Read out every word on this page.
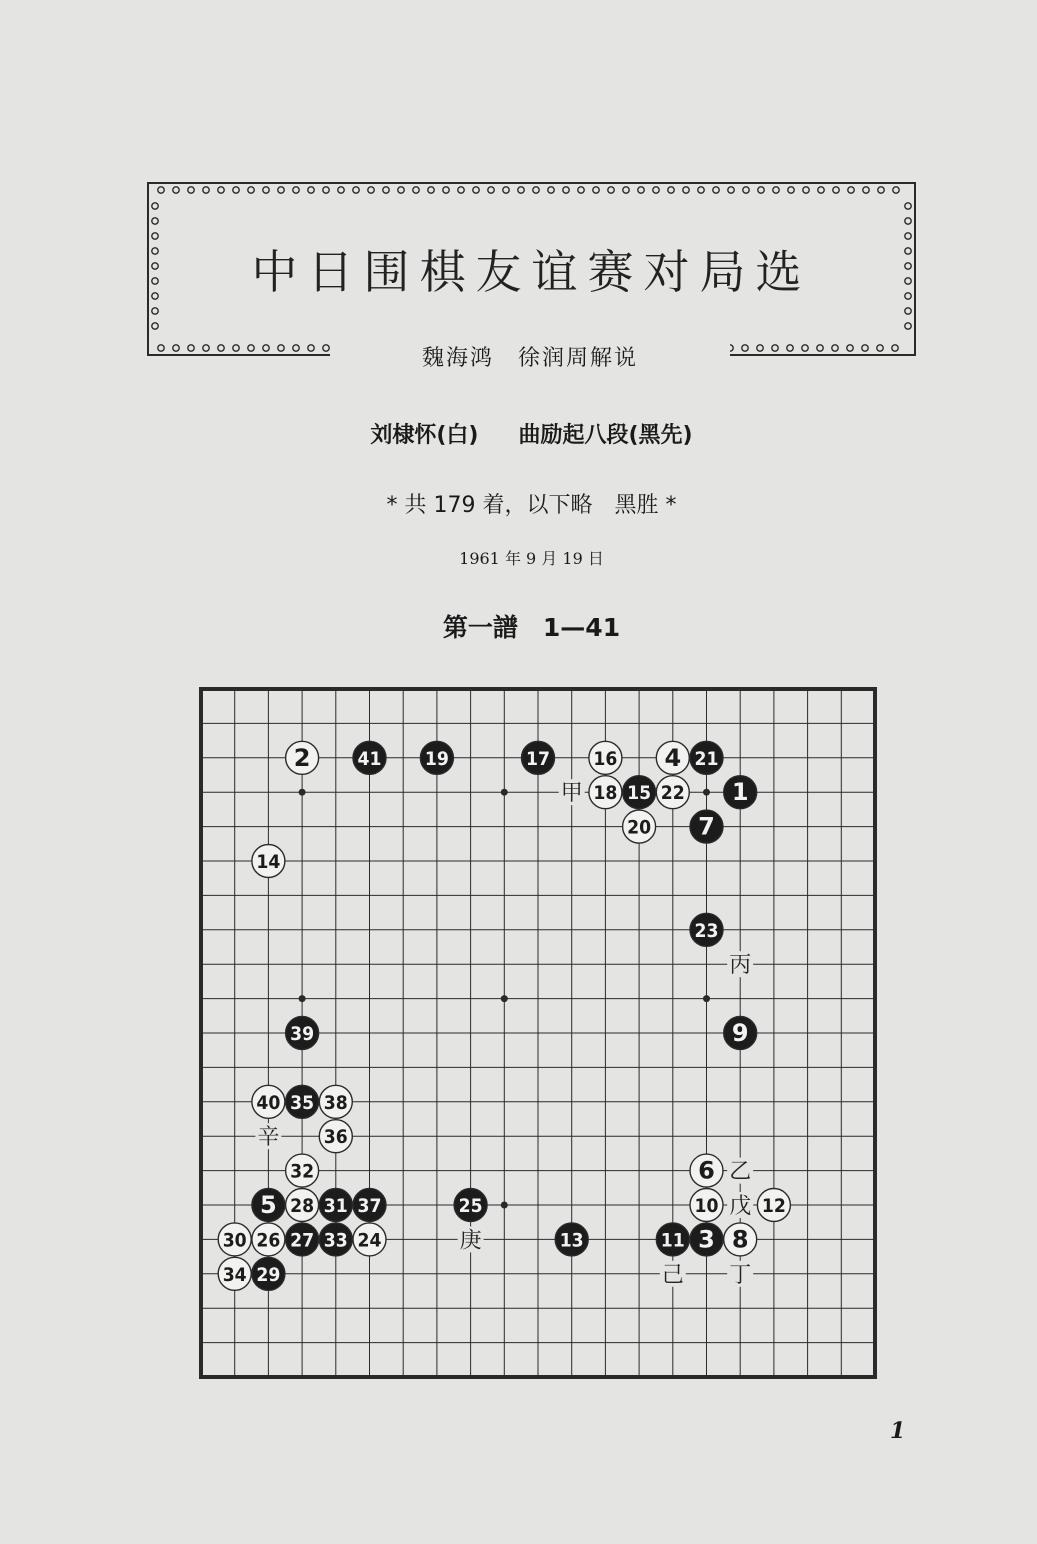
中日围棋友谊赛对局选
魏海鸿　徐润周解说
刘棣怀(白) 曲励起八段(黑先)
* 共 179 着，以下略　黑胜 *
1961 年 9 月 19 日
第一譜　1—41
甲
乙
丙
丁
戊
己
庚
辛
1
2
3
4
5
6
7
8
9
10
11
12
13
14
15
16
17
18
19
20
21
22
23
24
25
26 27
28
29
30
31
32
33
34
35
36
37
38
39
40
41
1
